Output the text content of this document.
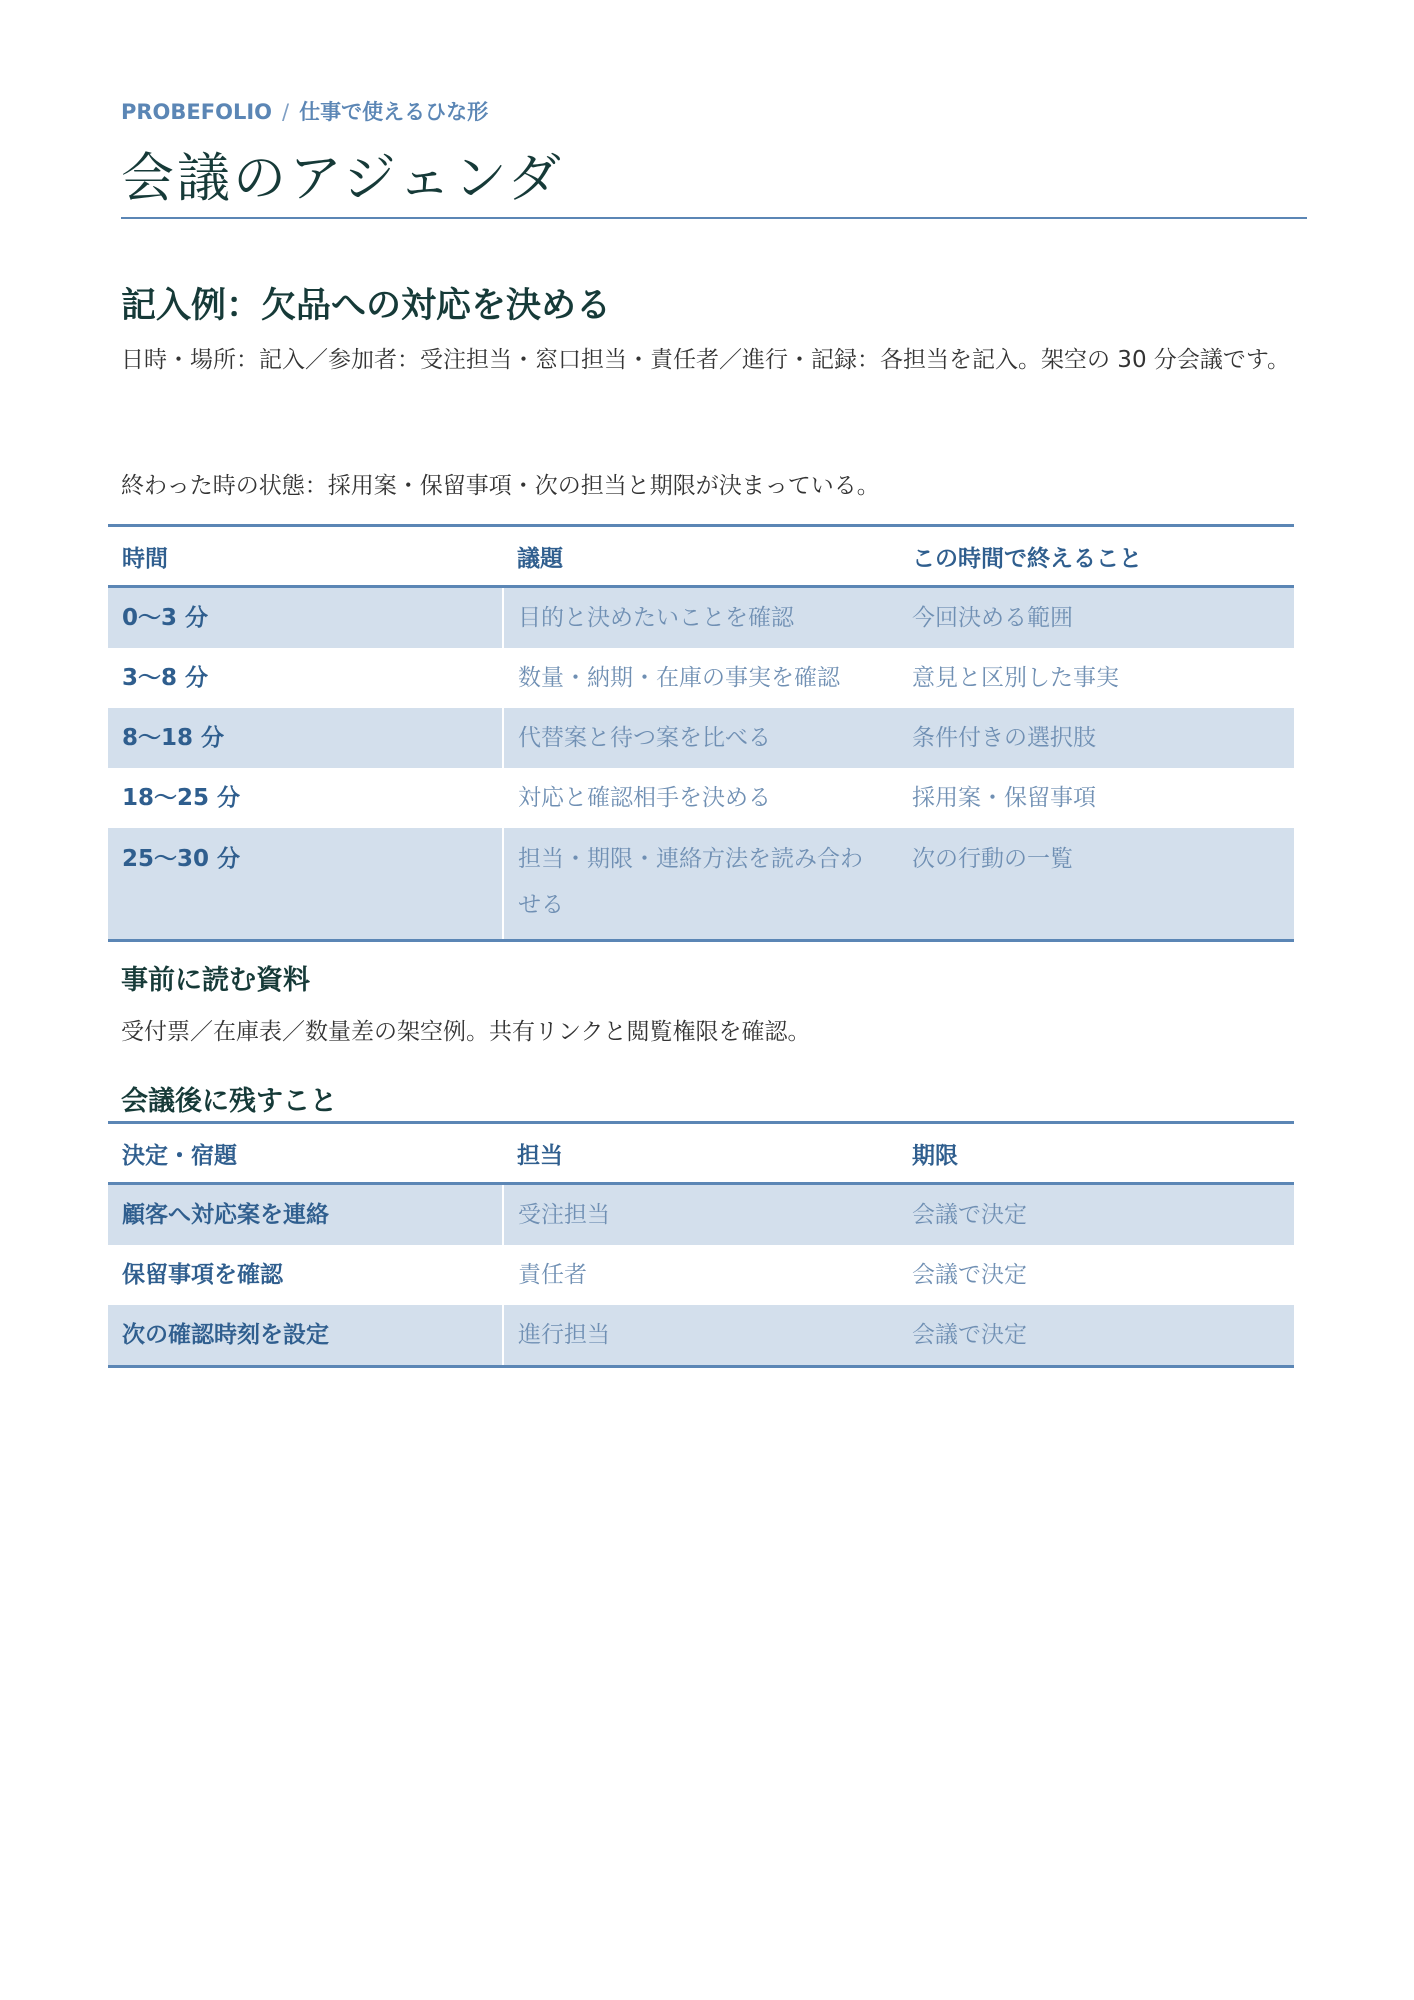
PROBEFOLIO / 仕事で使えるひな形
会議のアジェンダ
記入例：欠品への対応を決める

日時・場所：記入／参加者：受注担当・窓口担当・責任者／進行・記録：各担当を記入。架空の 30 分会議です。

終わった時の状態：採用案・保留事項・次の担当と期限が決まっている。

時間	議題	この時間で終えること
0〜3 分	目的と決めたいことを確認	今回決める範囲
3〜8 分	数量・納期・在庫の事実を確認	意見と区別した事実
8〜18 分	代替案と待つ案を比べる	条件付きの選択肢
18〜25 分	対応と確認相手を決める	採用案・保留事項
25〜30 分	担当・期限・連絡方法を読み合わせる	次の行動の一覧
事前に読む資料

受付票／在庫表／数量差の架空例。共有リンクと閲覧権限を確認。

会議後に残すこと
決定・宿題	担当	期限
顧客へ対応案を連絡	受注担当	会議で決定
保留事項を確認	責任者	会議で決定
次の確認時刻を設定	進行担当	会議で決定
